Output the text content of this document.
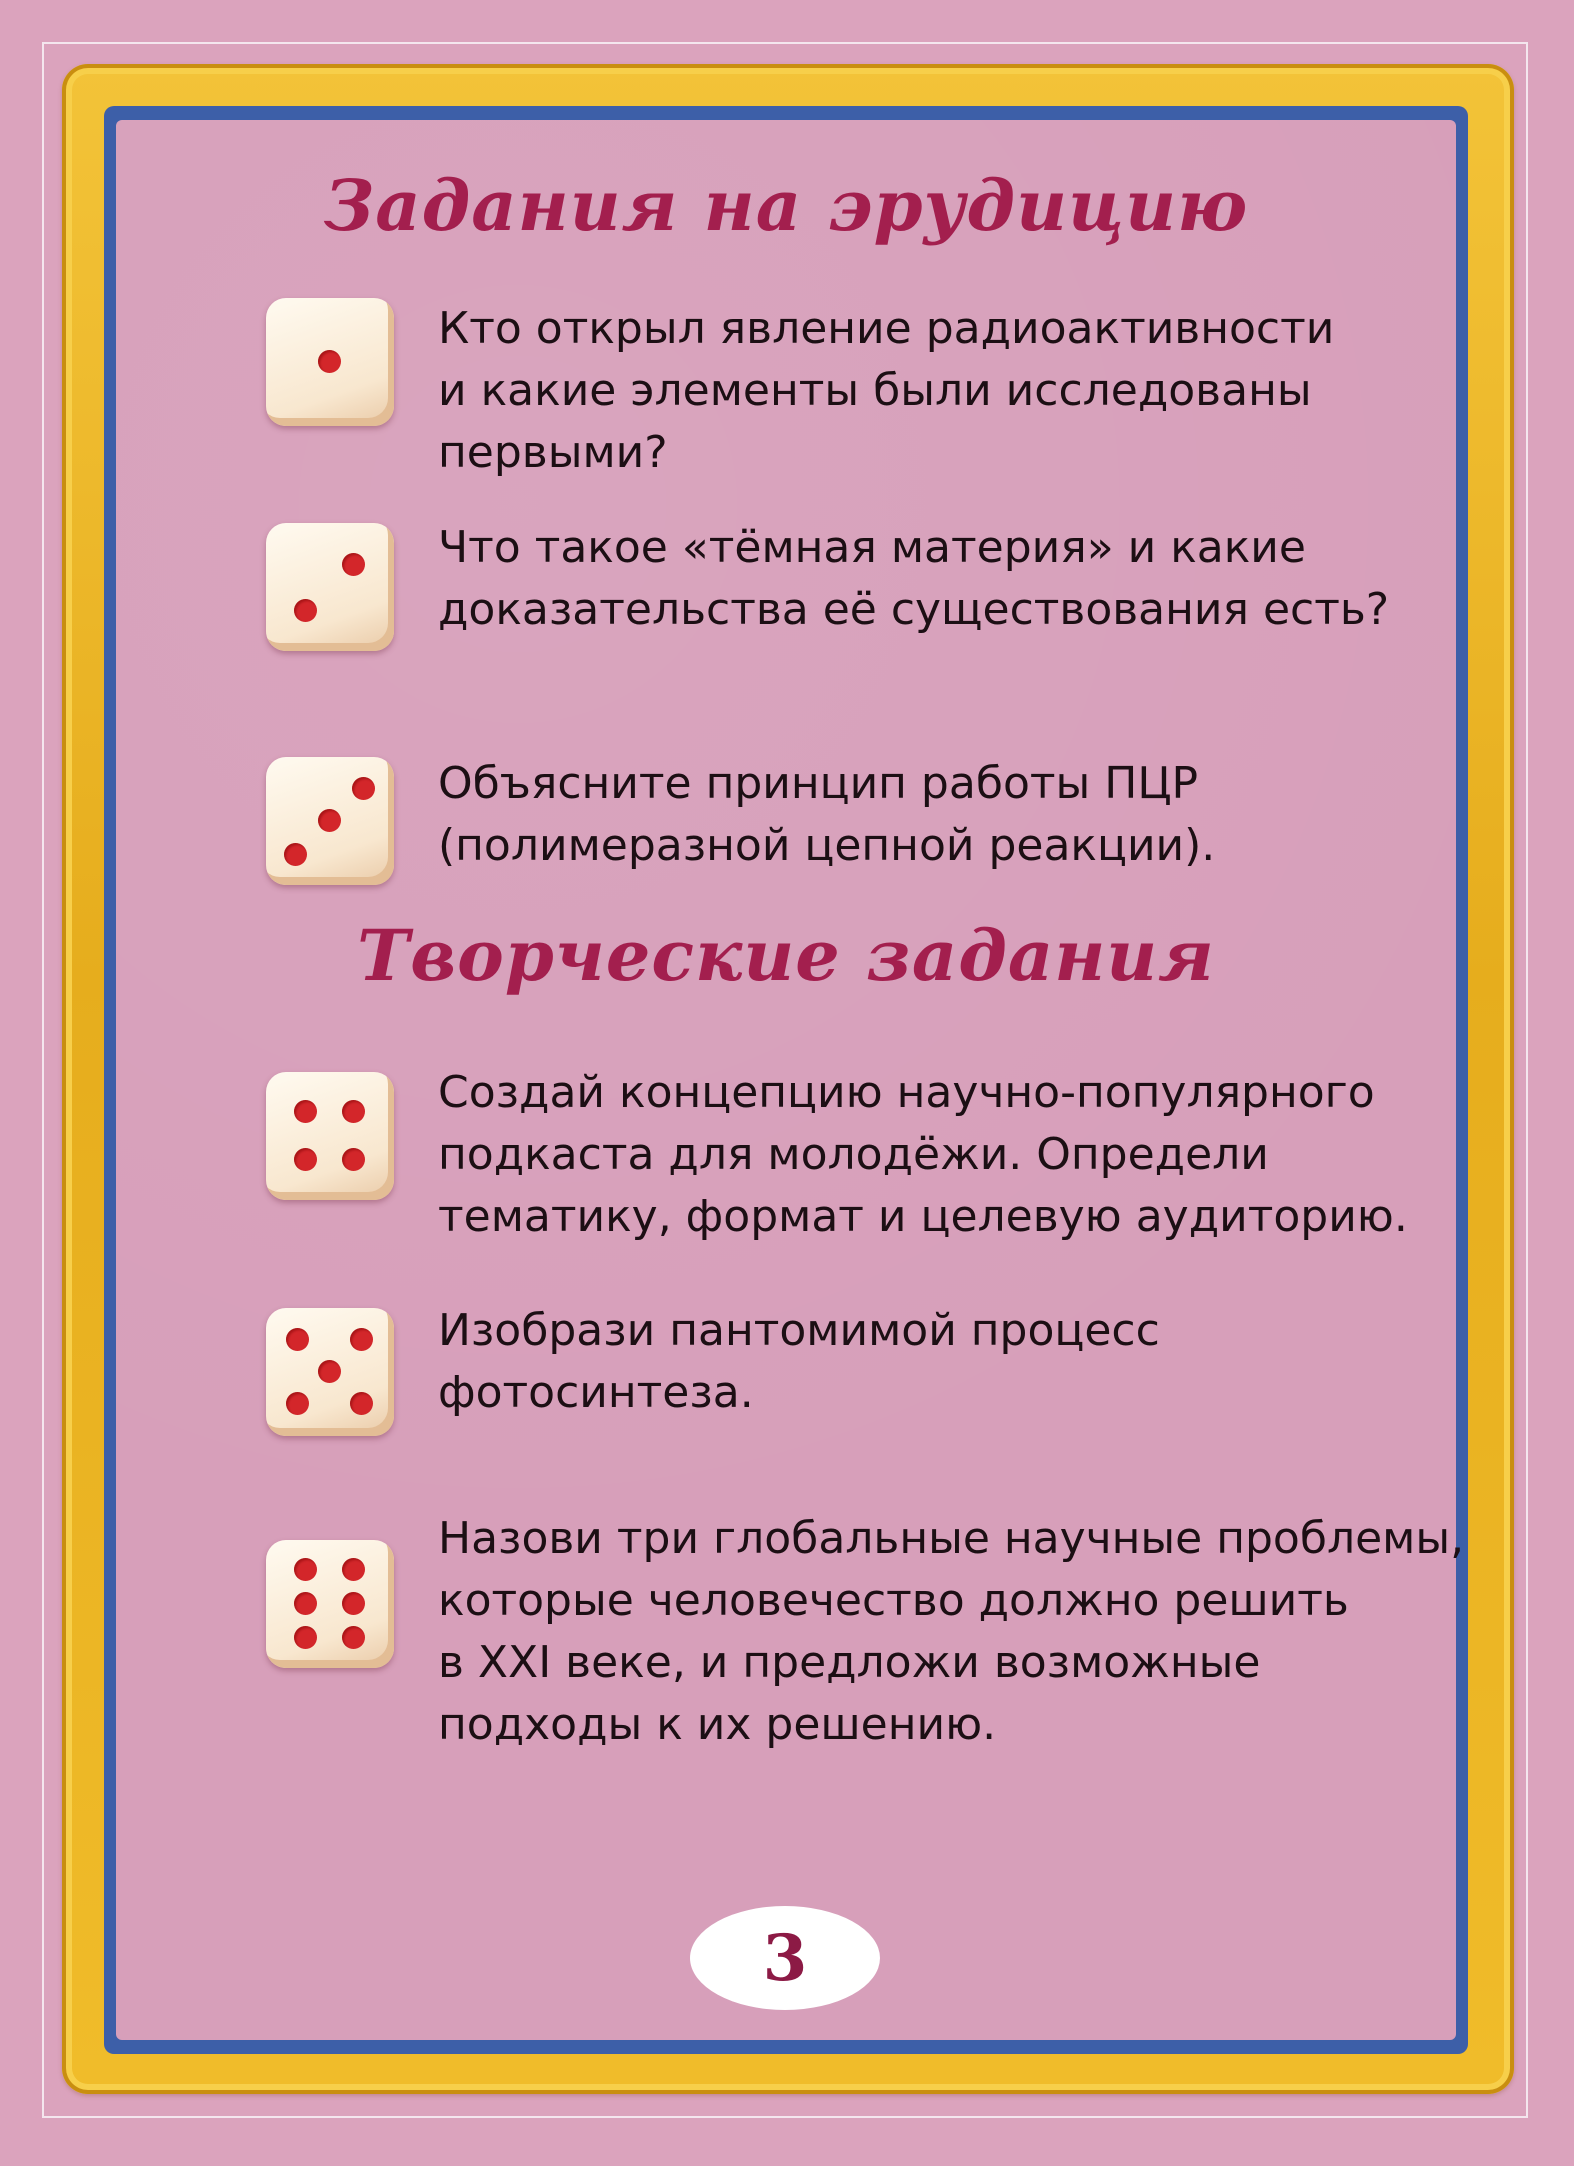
Задания на эрудицию

Кто открыл явление радиоактивности
и какие элементы были исследованы
первыми?

Что такое «тёмная материя» и какие
доказательства её существования есть?

Объясните принцип работы ПЦР
(полимеразной цепной реакции).

Творческие задания

Создай концепцию научно-популярного
подкаста для молодёжи. Определи
тематику, формат и целевую аудиторию.

Изобрази пантомимой процесс
фотосинтеза.

Назови три глобальные научные проблемы,
которые человечество должно решить
в XXI веке, и предложи возможные
подходы к их решению.

3
